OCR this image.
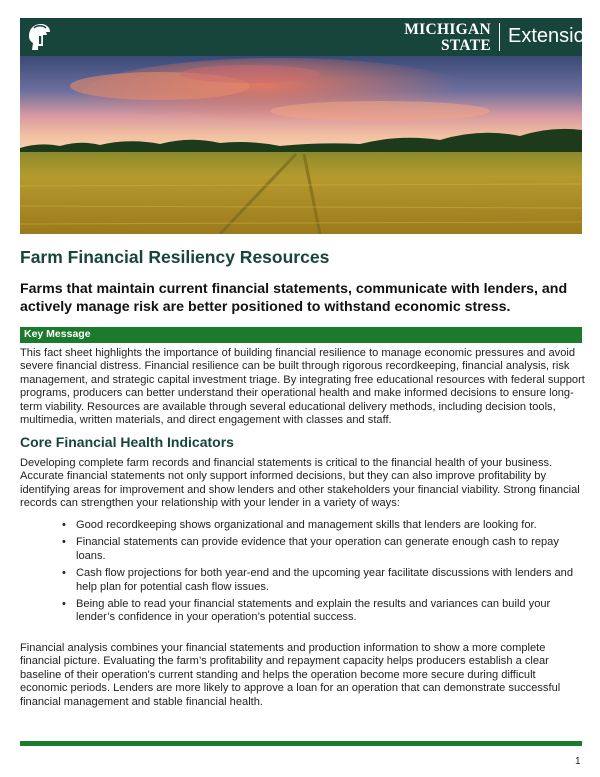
MICHIGAN STATE Extension
Farm Financial Resiliency Resources
Farms that maintain current financial statements, communicate with lenders, and actively manage risk are better positioned to withstand economic stress.
Key Message
This fact sheet highlights the importance of building financial resilience to manage economic pressures and avoid severe financial distress. Financial resilience can be built through rigorous recordkeeping, financial analysis, risk management, and strategic capital investment triage. By integrating free educational resources with federal support programs, producers can better understand their operational health and make informed decisions to ensure long-term viability. Resources are available through several educational delivery methods, including decision tools, multimedia, written materials, and direct engagement with classes and staff.
Core Financial Health Indicators
Developing complete farm records and financial statements is critical to the financial health of your business. Accurate financial statements not only support informed decisions, but they can also improve profitability by identifying areas for improvement and show lenders and other stakeholders your financial viability. Strong financial records can strengthen your relationship with your lender in a variety of ways:
• Good recordkeeping shows organizational and management skills that lenders are looking for.
• Financial statements can provide evidence that your operation can generate enough cash to repay loans.
• Cash flow projections for both year-end and the upcoming year facilitate discussions with lenders and help plan for potential cash flow issues.
• Being able to read your financial statements and explain the results and variances can build your lender’s confidence in your operation’s potential success.
Financial analysis combines your financial statements and production information to show a more complete financial picture. Evaluating the farm’s profitability and repayment capacity helps producers establish a clear baseline of their operation's current standing and helps the operation become more secure during difficult economic periods. Lenders are more likely to approve a loan for an operation that can demonstrate successful financial management and stable financial health.
1
